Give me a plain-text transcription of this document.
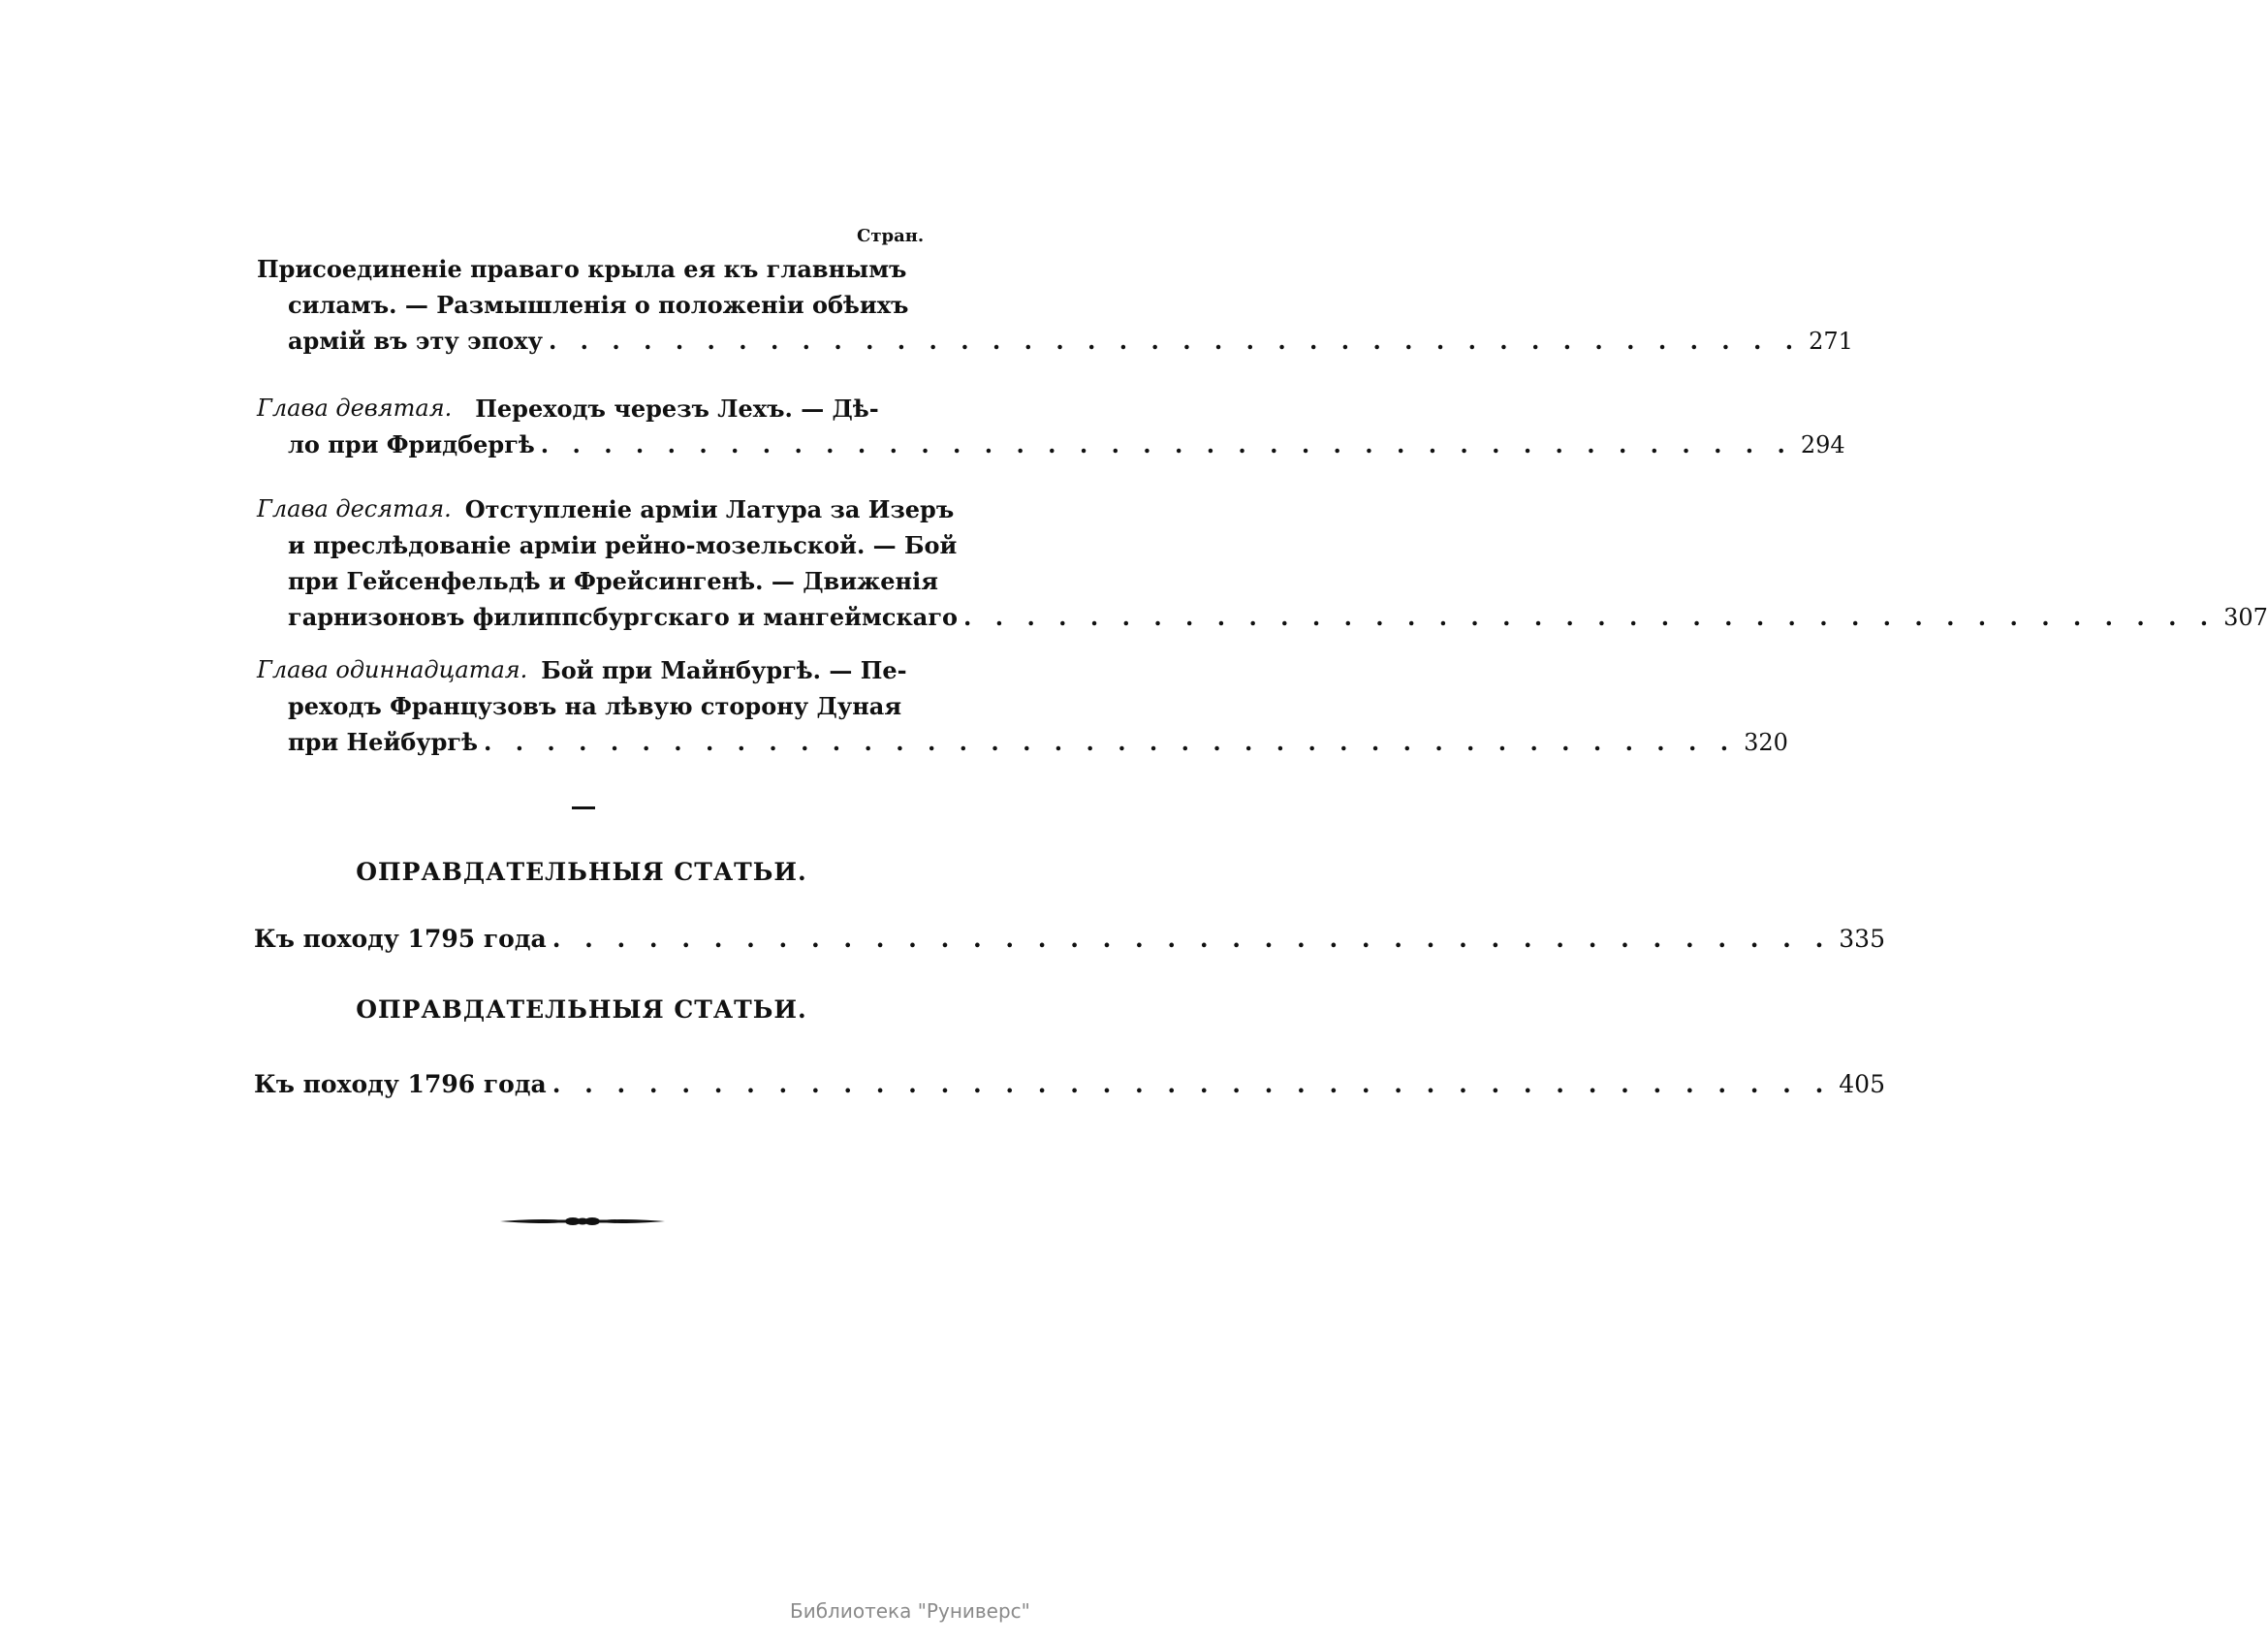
Стран.
Присоединеніе праваго крыла ея къ главнымъ
силамъ. — Размышленія о положеніи обѣихъ
армій въ эту эпоху . . . . . . . . . . . . . . . . . . . . . . . . . . . . . . . . . . . . . . . . 271
Глава девятая. Переходъ черезъ Лехъ. — Дѣ-
ло при Фридбергѣ . . . . . . . . . . . . . . . . . . . . . . . . . . . . . . . . . . . . . . . . 294
Глава десятая. Отступленіе арміи Латура за Изеръ
и преслѣдованіе арміи рейно-мозельской. — Бой
при Гейсенфельдѣ и Фрейсингенѣ. — Движенія
гарнизоновъ филиппсбургскаго и мангеймскаго . . . . . . . . . . . . . . . . . . . . . . . . . . . . . . . . . . . . . . . . 307
Глава одиннадцатая. Бой при Майнбургѣ. — Пе-
реходъ Французовъ на лѣвую сторону Дуная
при Нейбургѣ . . . . . . . . . . . . . . . . . . . . . . . . . . . . . . . . . . . . . . . . 320
ОПРАВДАТЕЛЬНЫЯ СТАТЬИ.
Къ походу 1795 года . . . . . . . . . . . . . . . . . . . . . . . . . . . . . . . . . . . . . . . . 335
ОПРАВДАТЕЛЬНЫЯ СТАТЬИ.
Къ походу 1796 года . . . . . . . . . . . . . . . . . . . . . . . . . . . . . . . . . . . . . . . . 405
Библиотека "Руниверс"
